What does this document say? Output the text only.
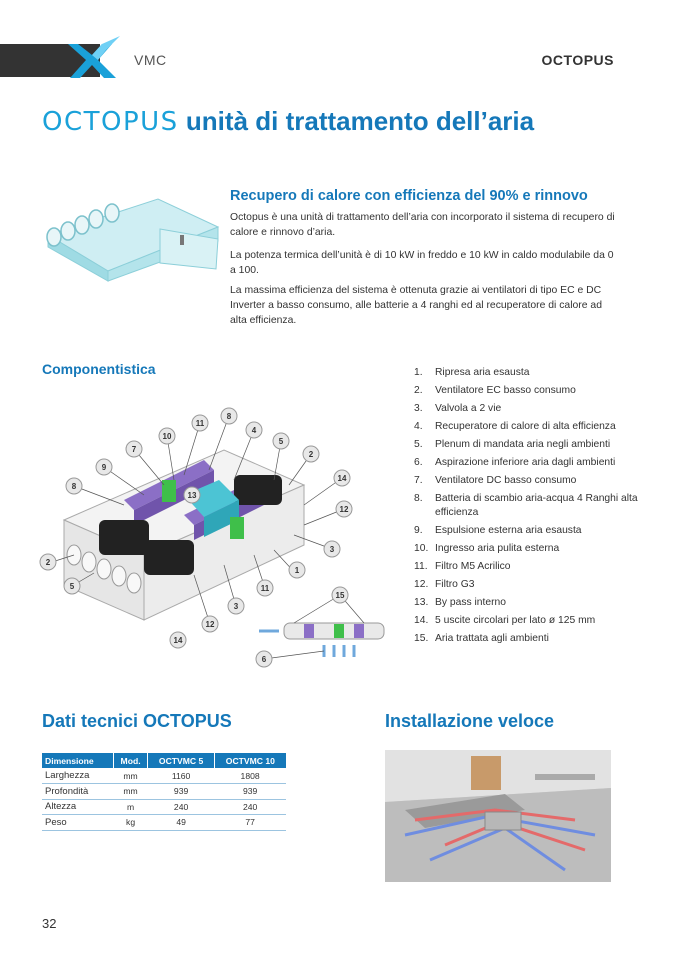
VMC	OCTOPUS
OCTOPUS unità di trattamento dell’aria
Recupero di calore con efficienza del 90% e rinnovo

Octopus è una unità di trattamento dell’aria con incorporato il sistema di recupero di calore e rinnovo d’aria.

La potenza termica dell’unità è di 10 kW in freddo e 10 kW in caldo modulabile da 0 a 100.

La massima efficienza del sistema è ottenuta grazie ai ventilatori di tipo EC e DC Inverter a basso consumo, alle batterie a 4 ranghi ed al recuperatore di calore ad alta efficienza.

Componentistica
1
2
2
3
3
4
5
5
6
7
8
8
9
10
11
11
12
12
13
14
14
15
1.	Ripresa aria esausta
2.	Ventilatore EC basso consumo
3.	Valvola a 2 vie
4.	Recuperatore di calore di alta efficienza
5.	Plenum di mandata aria negli ambienti
6.	Aspirazione inferiore aria dagli ambienti
7.	Ventilatore DC basso consumo
8.	Batteria di scambio aria-acqua 4 Ranghi alta efficienza
9.	Espulsione esterna aria esausta
10. Ingresso aria pulita esterna
11. Filtro M5 Acrilico
12. Filtro G3
13. By pass interno
14. 5 uscite circolari per lato ø 125 mm
15. Aria trattata agli ambienti
Dati tecnici OCTOPUS
Dimensione	Mod.	OCTVMC 5	OCTVMC 10
Larghezza	mm	1160	1808
Profondità	mm	939	939
Altezza	m	240	240
Peso	kg	49	77
Installazione veloce
32
